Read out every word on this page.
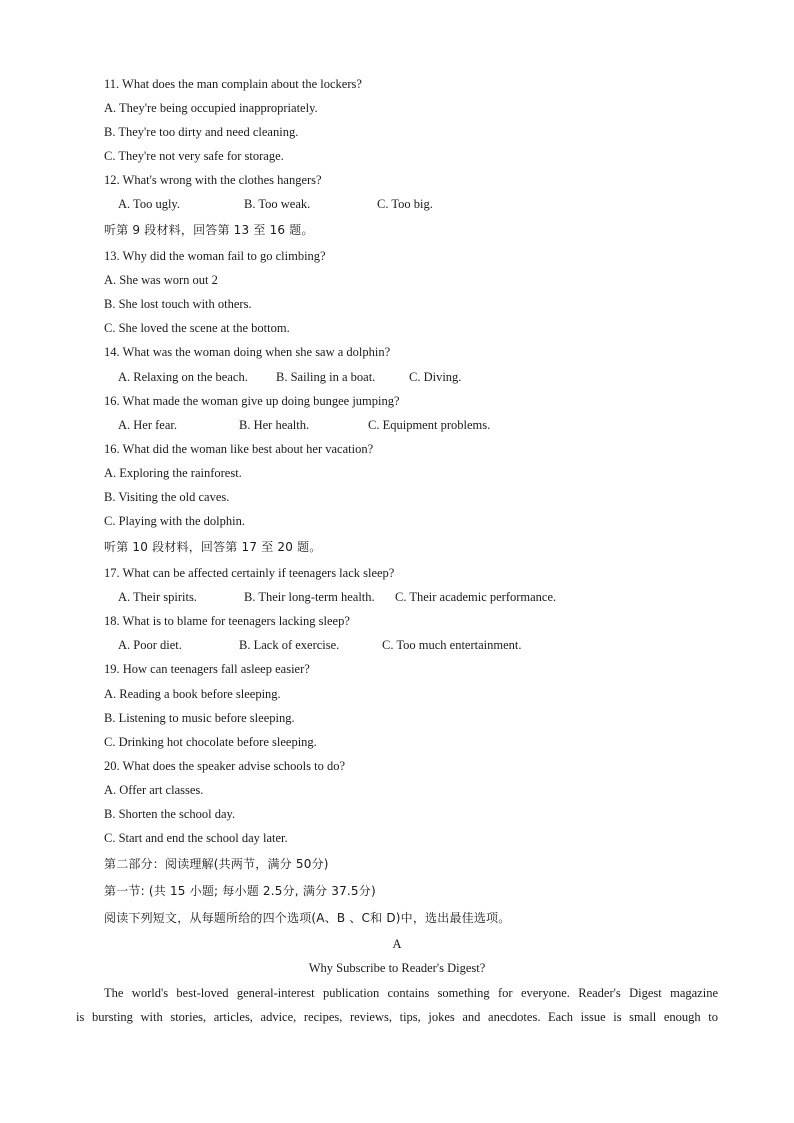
11. What does the man complain about the lockers?
A. They're being occupied inappropriately.
B. They're too dirty and need cleaning.
C. They're not very safe for storage.
12. What's wrong with the clothes hangers?
A. Too ugly.	B. Too weak.	C. Too big.
听第 9 段材料，回答第 13 至 16 题。
13. Why did the woman fail to go climbing?
A. She was worn out 2
B. She lost touch with others.
C. She loved the scene at the bottom.
14. What was the woman doing when she saw a dolphin?
A. Relaxing on the beach. B. Sailing in a boat.	C. Diving.
16. What made the woman give up doing bungee jumping?
A. Her fear.	B. Her health.	C. Equipment problems.
16. What did the woman like best about her vacation?
A. Exploring the rainforest.
B. Visiting the old caves.
C. Playing with the dolphin.
听第 10 段材料，回答第 17 至 20 题。
17. What can be affected certainly if teenagers lack sleep?
A. Their spirits.	B. Their long-term health. C. Their academic performance.
18. What is to blame for teenagers lacking sleep?
A. Poor diet.	B. Lack of exercise.	C. Too much entertainment.
19. How can teenagers fall asleep easier?
A. Reading a book before sleeping.
B. Listening to music before sleeping.
C. Drinking hot chocolate before sleeping.
20. What does the speaker advise schools to do?
A. Offer art classes.
B. Shorten the school day.
C. Start and end the school day later.
第二部分：阅读理解(共两节，满分 50分)
第一节: (共 15 小题; 每小题 2.5分, 满分 37.5分)
阅读下列短文，从每题所给的四个选项(A、B 、C和 D)中，选出最佳选项。
A
Why Subscribe to Reader's Digest?
The world's best-loved general-interest publication contains something for everyone. Reader's Digest magazine
is bursting with stories, articles, advice, recipes, reviews, tips, jokes and anecdotes. Each issue is small enough to
